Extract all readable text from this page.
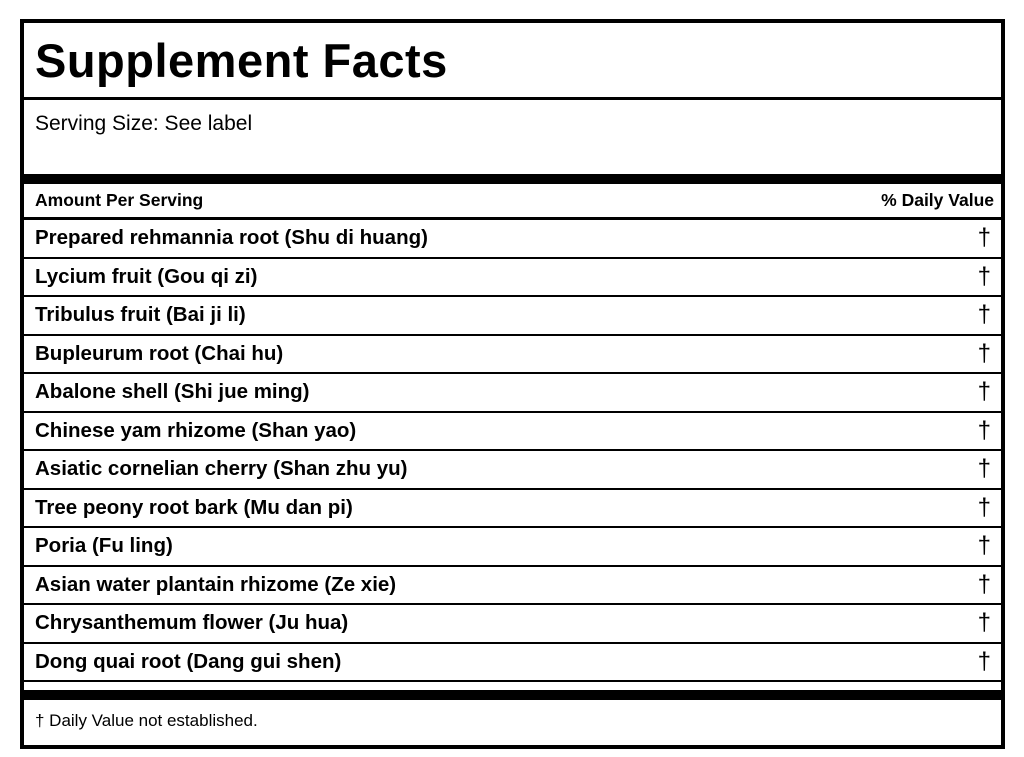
Supplement Facts
Serving Size: See label
Amount Per Serving	% Daily Value
Prepared rehmannia root (Shu di huang)	†
Lycium fruit (Gou qi zi)	†
Tribulus fruit (Bai ji li)	†
Bupleurum root (Chai hu)	†
Abalone shell (Shi jue ming)	†
Chinese yam rhizome (Shan yao)	†
Asiatic cornelian cherry (Shan zhu yu)	†
Tree peony root bark (Mu dan pi)	†
Poria (Fu ling)	†
Asian water plantain rhizome (Ze xie)	†
Chrysanthemum flower (Ju hua)	†
Dong quai root (Dang gui shen)	†
† Daily Value not established.
